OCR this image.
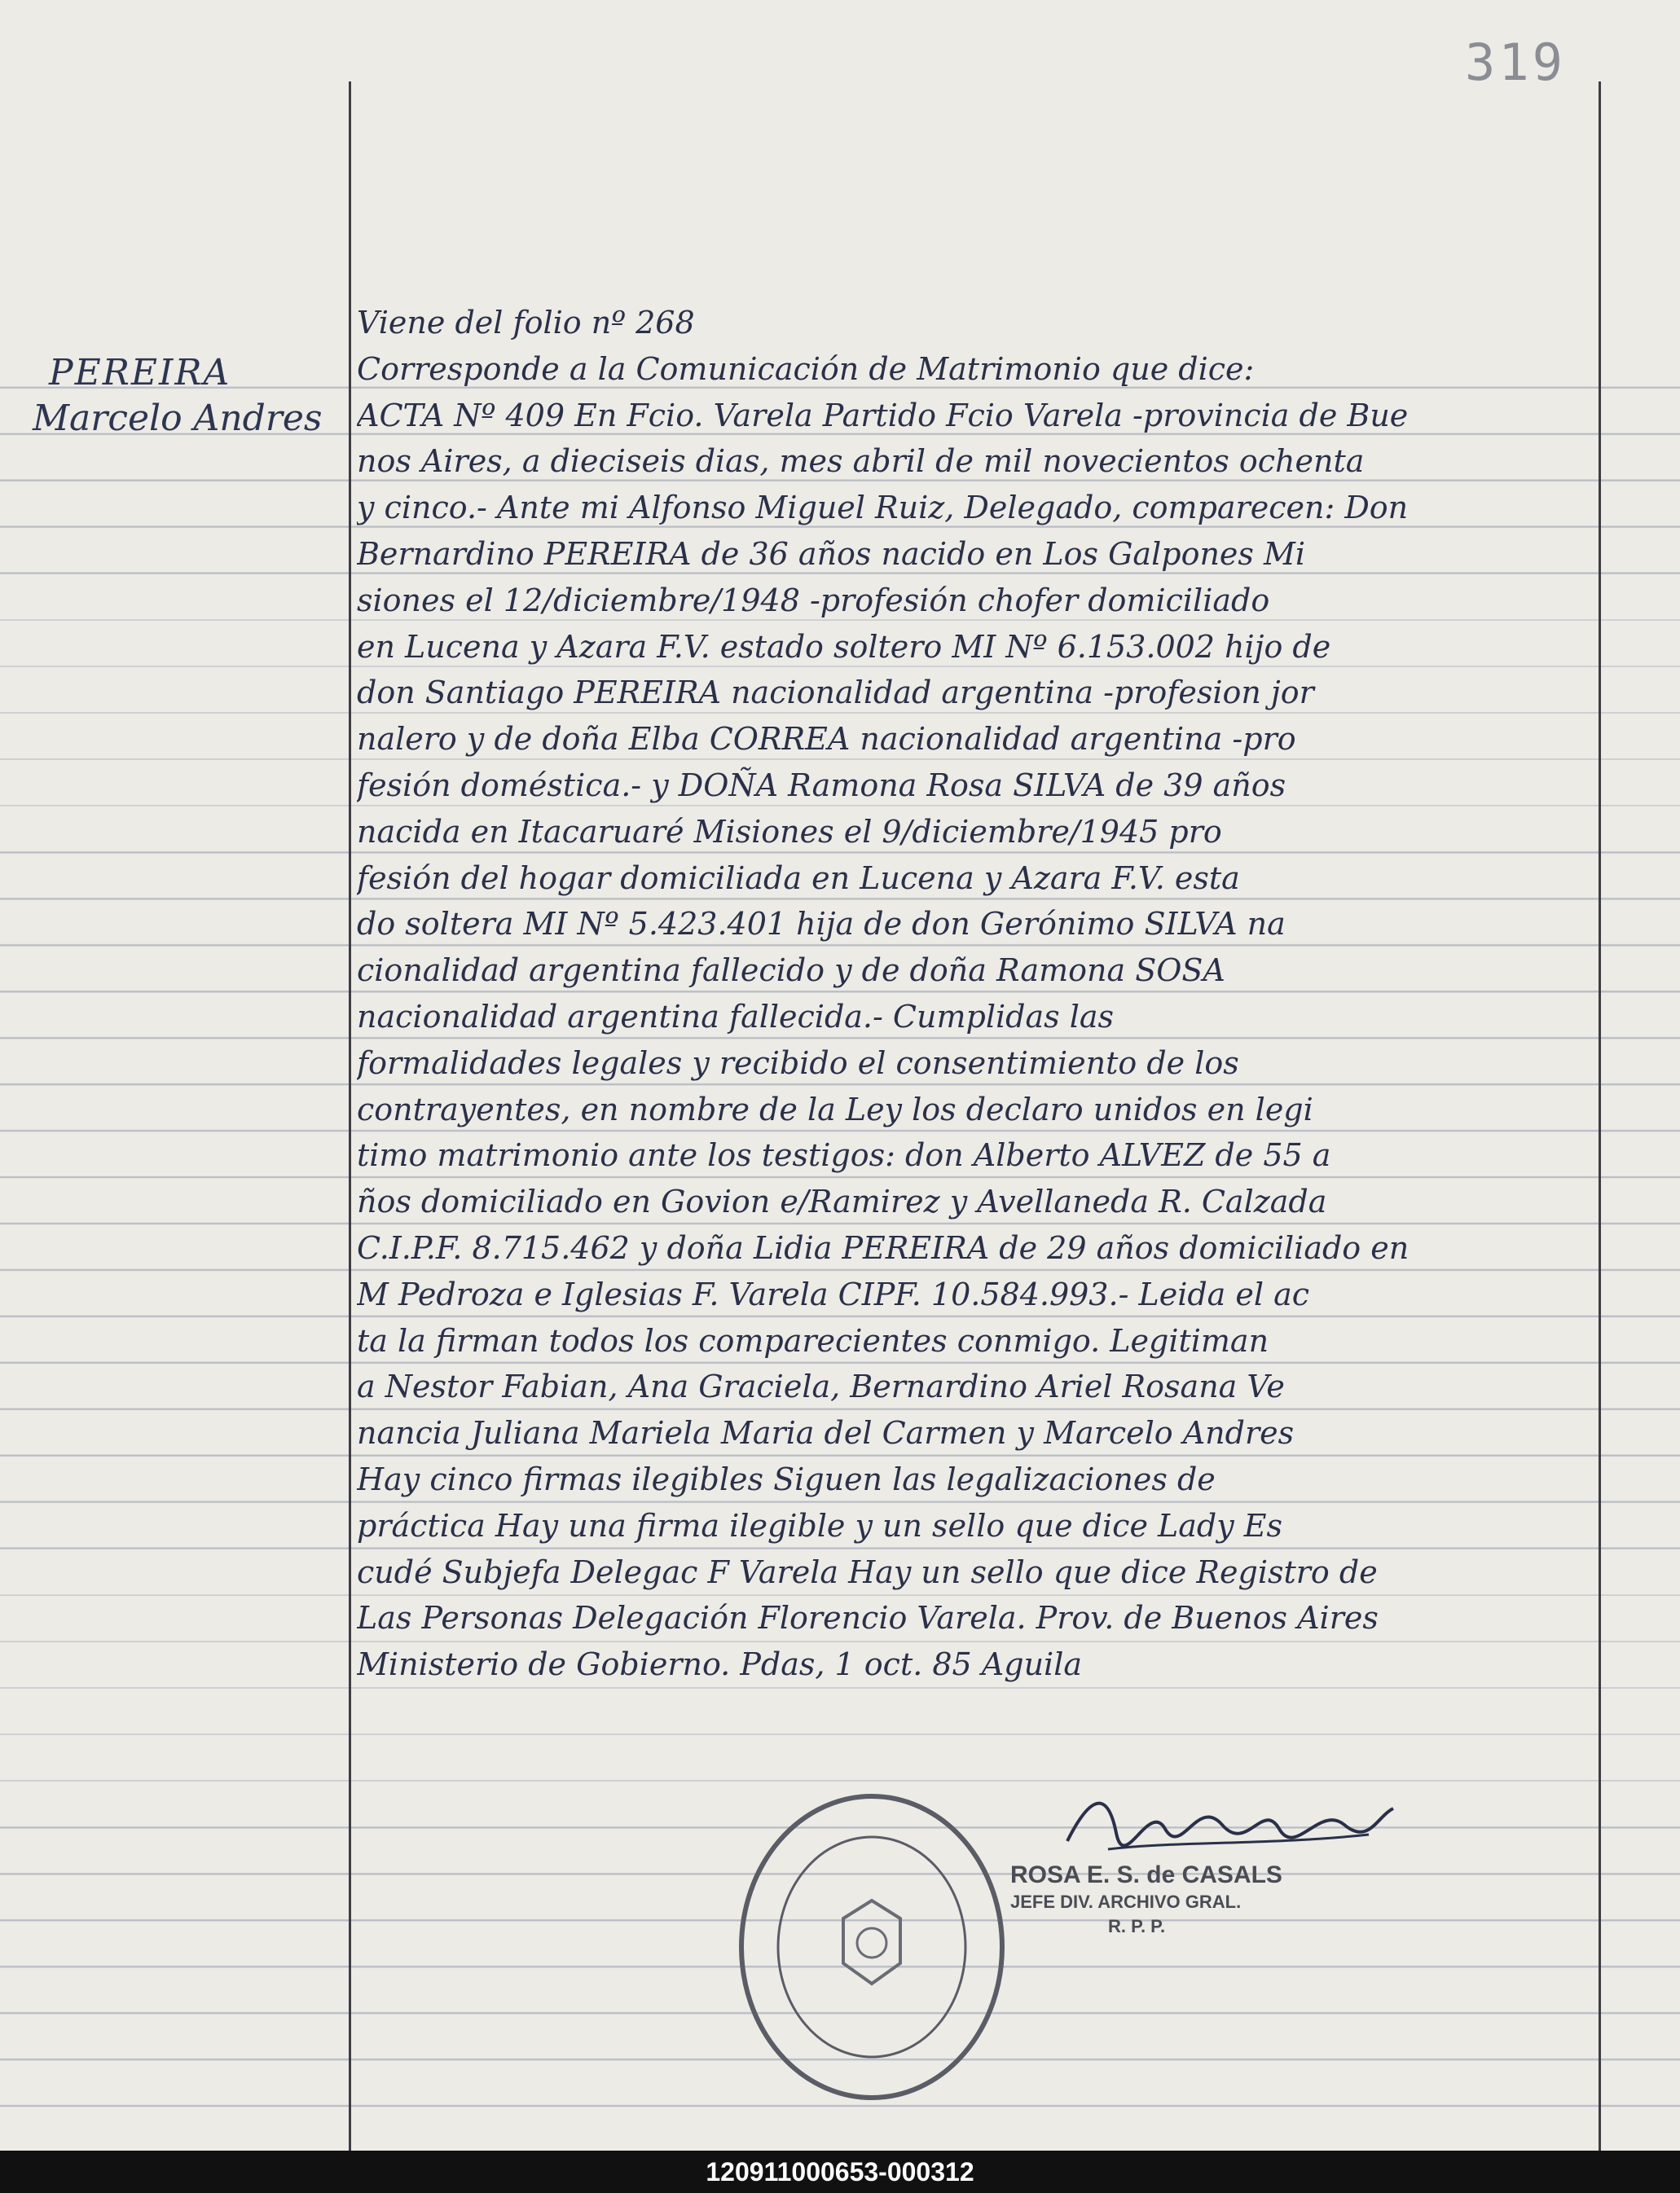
319
PEREIRA
Marcelo Andres
Viene del folio nº 268
Corresponde a la Comunicación de Matrimonio que dice:
ACTA Nº 409 En Fcio. Varela Partido Fcio Varela -provincia de Bue
nos Aires, a dieciseis dias, mes abril de mil novecientos ochenta
y cinco.- Ante mi Alfonso Miguel Ruiz, Delegado, comparecen: Don
Bernardino PEREIRA de 36 años nacido en Los Galpones Mi
siones el 12/diciembre/1948 -profesión chofer domiciliado
en Lucena y Azara F.V. estado soltero MI Nº 6.153.002 hijo de
don Santiago PEREIRA nacionalidad argentina -profesion jor
nalero y de doña Elba CORREA nacionalidad argentina -pro
fesión doméstica.- y DOÑA Ramona Rosa SILVA de 39 años
nacida en Itacaruaré Misiones el 9/diciembre/1945 pro
fesión del hogar domiciliada en Lucena y Azara F.V. esta
do soltera MI Nº 5.423.401 hija de don Gerónimo SILVA na
cionalidad argentina fallecido y de doña Ramona SOSA
nacionalidad argentina fallecida.- Cumplidas las
formalidades legales y recibido el consentimiento de los
contrayentes, en nombre de la Ley los declaro unidos en legi
timo matrimonio ante los testigos: don Alberto ALVEZ de 55 a
ños domiciliado en Govion e/Ramirez y Avellaneda R. Calzada
C.I.P.F. 8.715.462 y doña Lidia PEREIRA de 29 años domiciliado en
M Pedroza e Iglesias F. Varela CIPF. 10.584.993.- Leida el ac
ta la firman todos los comparecientes conmigo. Legitiman
a Nestor Fabian, Ana Graciela, Bernardino Ariel Rosana Ve
nancia Juliana Mariela Maria del Carmen y Marcelo Andres
Hay cinco firmas ilegibles Siguen las legalizaciones de
práctica Hay una firma ilegible y un sello que dice Lady Es
cudé Subjefa Delegac F Varela Hay un sello que dice Registro de
Las Personas Delegación Florencio Varela. Prov. de Buenos Aires
Ministerio de Gobierno. Pdas, 1 oct. 85 Aguila
ROSA E. S. de CASALS
JEFE DIV. ARCHIVO GRAL.
R. P. P.
120911000653-000312
